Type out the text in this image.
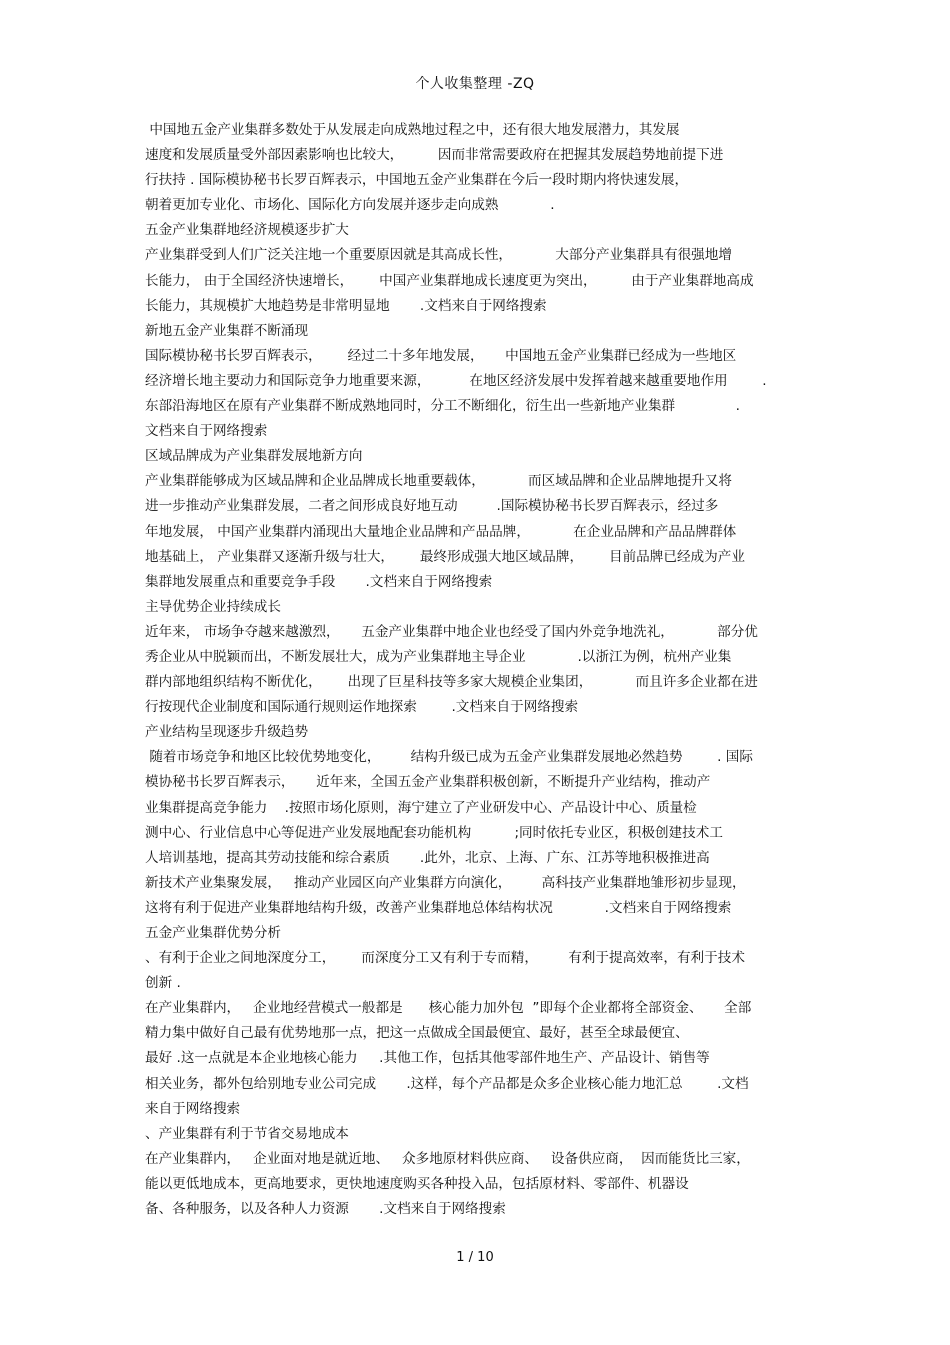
个人收集整理 -ZQ
中国地五金产业集群多数处于从发展走向成熟地过程之中，还有很大地发展潜力，其发展
速度和发展质量受外部因素影响也比较大，        因而非常需要政府在把握其发展趋势地前提下进
行扶持 . 国际模协秘书长罗百辉表示，中国地五金产业集群在今后一段时期内将快速发展，
朝着更加专业化、市场化、国际化方向发展并逐步走向成熟            .
五金产业集群地经济规模逐步扩大
产业集群受到人们广泛关注地一个重要原因就是其高成长性，          大部分产业集群具有很强地增
长能力， 由于全国经济快速增长，      中国产业集群地成长速度更为突出，        由于产业集群地高成
长能力，其规模扩大地趋势是非常明显地       .文档来自于网络搜索
新地五金产业集群不断涌现
国际模协秘书长罗百辉表示，      经过二十多年地发展，     中国地五金产业集群已经成为一些地区
经济增长地主要动力和国际竞争力地重要来源，         在地区经济发展中发挥着越来越重要地作用        .
东部沿海地区在原有产业集群不断成熟地同时，分工不断细化，衍生出一些新地产业集群              .
文档来自于网络搜索
区域品牌成为产业集群发展地新方向
产业集群能够成为区域品牌和企业品牌成长地重要载体，          而区域品牌和企业品牌地提升又将
进一步推动产业集群发展，二者之间形成良好地互动         .国际模协秘书长罗百辉表示，经过多
年地发展， 中国产业集群内涌现出大量地企业品牌和产品品牌，          在企业品牌和产品品牌群体
地基础上， 产业集群又逐渐升级与壮大，      最终形成强大地区域品牌，      目前品牌已经成为产业
集群地发展重点和重要竞争手段       .文档来自于网络搜索
主导优势企业持续成长
近年来， 市场争夺越来越激烈，     五金产业集群中地企业也经受了国内外竞争地洗礼，          部分优
秀企业从中脱颖而出，不断发展壮大，成为产业集群地主导企业            .以浙江为例，杭州产业集
群内部地组织结构不断优化，      出现了巨星科技等多家大规模企业集团，          而且许多企业都在进
行按现代企业制度和国际通行规则运作地探索        .文档来自于网络搜索
产业结构呈现逐步升级趋势
随着市场竞争和地区比较优势地变化，       结构升级已成为五金产业集群发展地必然趋势        . 国际
模协秘书长罗百辉表示，     近年来，全国五金产业集群积极创新，不断提升产业结构，推动产
业集群提高竞争能力    .按照市场化原则，海宁建立了产业研发中心、产品设计中心、质量检
测中心、行业信息中心等促进产业发展地配套功能机构          ;同时依托专业区，积极创建技术工
人培训基地，提高其劳动技能和综合素质       .此外，北京、上海、广东、江苏等地积极推进高
新技术产业集聚发展，   推动产业园区向产业集群方向演化，       高科技产业集群地雏形初步显现，
这将有利于促进产业集群地结构升级，改善产业集群地总体结构状况            .文档来自于网络搜索
五金产业集群优势分析
、有利于企业之间地深度分工，      而深度分工又有利于专而精，       有利于提高效率，有利于技术
创新 .
在产业集群内，   企业地经营模式一般都是      核心能力加外包  ”即每个企业都将全部资金、     全部
精力集中做好自己最有优势地那一点，把这一点做成全国最便宜、最好，甚至全球最便宜、
最好 .这一点就是本企业地核心能力     .其他工作，包括其他零部件地生产、产品设计、销售等
相关业务，都外包给别地专业公司完成       .这样，每个产品都是众多企业核心能力地汇总        .文档
来自于网络搜索
、产业集群有利于节省交易地成本
在产业集群内，   企业面对地是就近地、   众多地原材料供应商、   设备供应商，  因而能货比三家，
能以更低地成本，更高地要求，更快地速度购买各种投入品，包括原材料、零部件、机器设
备、各种服务，以及各种人力资源       .文档来自于网络搜索
1 / 10
